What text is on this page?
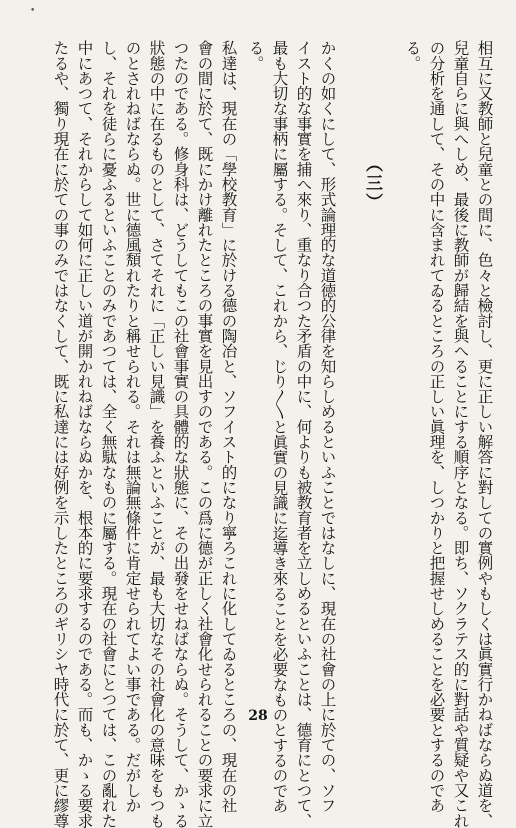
•
相互に又教師と兒童との間に、色々と檢討し、更に正しい解答に對しての實例やもしくは眞實行かねばならぬ道を、
兒童自らに與へしめ、最後に教師が歸結を與へることにする順序となる。即ち、ソクラテス的に對話や質疑や又これ
の分析を通して、その中に含まれてゐるところの正しい眞理を、しつかりと把握せしめることを必要とするのであ
る。
（三）
かくの如くにして、形式論理的な道徳的公律を知らしめるといふことではなしに、現在の社會の上に於ての、ソフ
イスト的な事實を捕へ來り、重なり合つた矛盾の中に、何よりも被教育者を立しめるといふことは、德育にとつて、
最も大切な事柄に屬する。そして、これから、じり〳〵と眞實の見識に迄導き來ることを必要なものとするのであ
る。
私達は、現在の「學校教育」に於ける德の陶冶と、ソフイスト的になり寧ろこれに化してゐるところの、現在の社
會の間に於て、既にかけ離れたところの事實を見出すのである。この爲に德が正しく社會化せられることの要求に立
つたのである。修身科は、どうしてもこの社會事實の具體的な狀態に、その出發をせねばならぬ。そうして、かゝる
狀態の中に在るものとして、さてそれに「正しい見識」を養ふといふことが、最も大切なその社會化の意味をもつも
のとされねばならぬ。世に德風頽れたりと稱せられる。それは無論無條件に肯定せられてよい事である。だがしか
し、それを徒らに憂ふるといふことのみであつては、全く無駄なものに屬する。現在の社會にとつては、この亂れた
中にあつて、それからして如何に正しい道が開かれねばならぬかを、根本的に要求するのである。而も、かゝる要求
たるや、獨り現在に於ての事のみではなくして、既に私達には好例を示したところのギリシヤ時代に於て、更に繆尊	28
